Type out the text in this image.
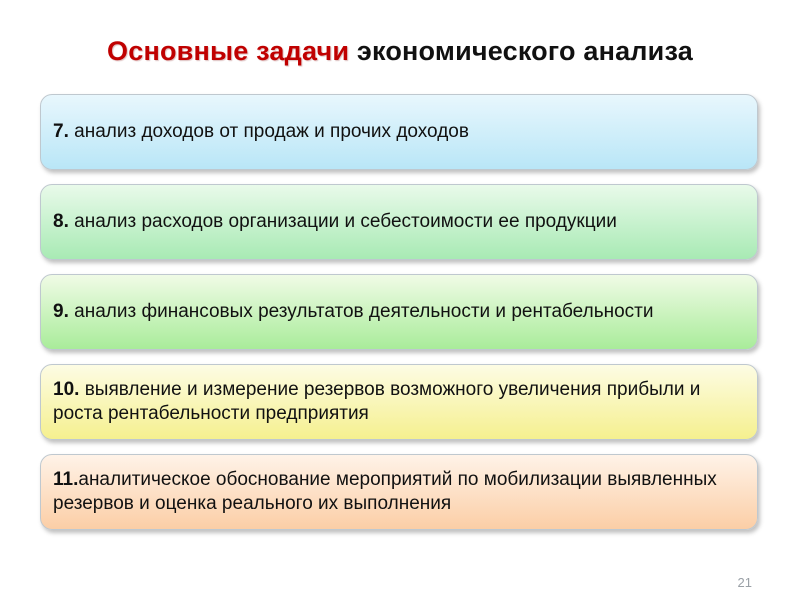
Основные задачи экономического анализа
7. анализ доходов от продаж и прочих доходов
8. анализ расходов организации и себестоимости ее продукции
9. анализ финансовых результатов деятельности и рентабельности
10. выявление и измерение резервов возможного увеличения прибыли и роста рентабельности предприятия
11.аналитическое обоснование мероприятий по мобилизации выявленных резервов и оценка реального их выполнения
21
